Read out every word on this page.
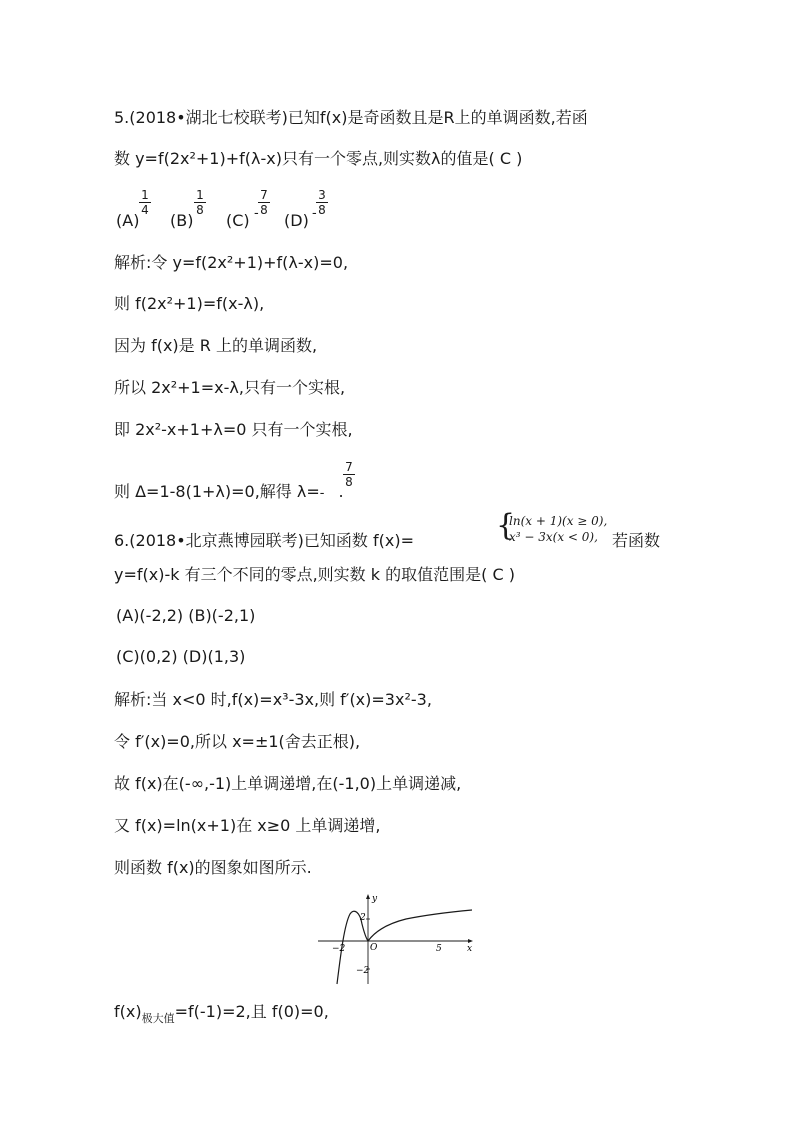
5.(2018•湖北七校联考)已知f(x)是奇函数且是R上的单调函数,若函
数 y=f(2x²+1)+f(λ-x)只有一个零点,则实数λ的值是( C )
(A)
1
4
(B)
1
8
(C) -
7
8
(D) -
3
8
解析:令 y=f(2x²+1)+f(λ-x)=0,
则 f(2x²+1)=f(x-λ),
因为 f(x)是 R 上的单调函数,
所以 2x²+1=x-λ,只有一个实根,
即 2x²-x+1+λ=0 只有一个实根,
则 Δ=1-8(1+λ)=0,解得 λ=- .
7
8
6.(2018•北京燕博园联考)已知函数 f(x)=	{
ln(x + 1)(x ≥ 0),
x³ − 3x(x < 0), 若函数
y=f(x)-k 有三个不同的零点,则实数 k 的取值范围是( C )
(A)(-2,2) (B)(-2,1)
(C)(0,2) (D)(1,3)
解析:当 x<0 时,f(x)=x³-3x,则 f′(x)=3x²-3,
令 f′(x)=0,所以 x=±1(舍去正根),
故 f(x)在(-∞,-1)上单调递增,在(-1,0)上单调递减,
又 f(x)=ln(x+1)在 x≥0 上单调递增,
则函数 f(x)的图象如图所示.
y
x
O
2
−2
−2	5
$f(x)_{极大值}=f(-1)=2$,且 f(0)=0,
